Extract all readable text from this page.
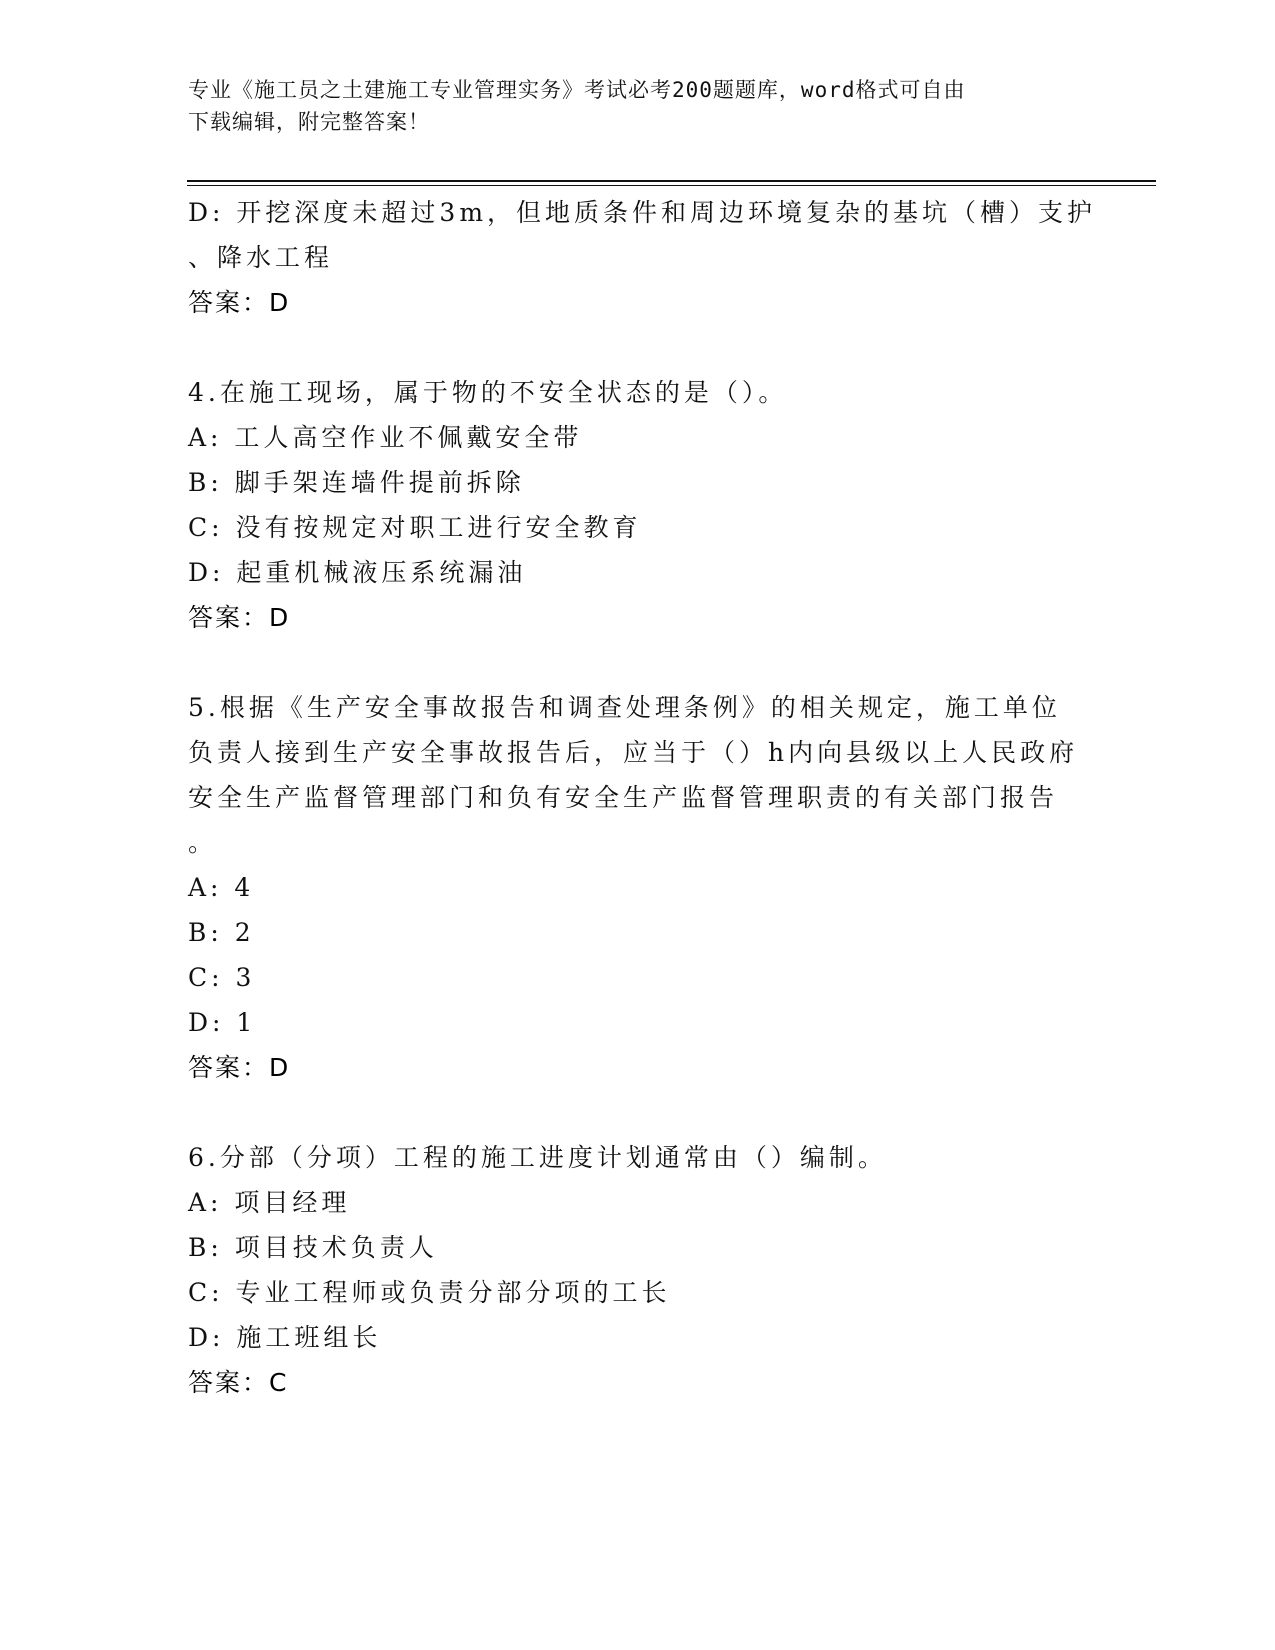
专业《施工员之土建施工专业管理实务》考试必考200题题库，word格式可自由
下载编辑，附完整答案！
D: 开挖深度未超过3m，但地质条件和周边环境复杂的基坑（槽）支护
、降水工程
答案：D
4.在施工现场，属于物的不安全状态的是（）。
A: 工人高空作业不佩戴安全带
B: 脚手架连墙件提前拆除
C: 没有按规定对职工进行安全教育
D: 起重机械液压系统漏油
答案：D
5.根据《生产安全事故报告和调查处理条例》的相关规定，施工单位
负责人接到生产安全事故报告后，应当于（）h内向县级以上人民政府
安全生产监督管理部门和负有安全生产监督管理职责的有关部门报告
。
A: 4
B: 2
C: 3
D: 1
答案：D
6.分部（分项）工程的施工进度计划通常由（）编制。
A: 项目经理
B: 项目技术负责人
C: 专业工程师或负责分部分项的工长
D: 施工班组长
答案：C
